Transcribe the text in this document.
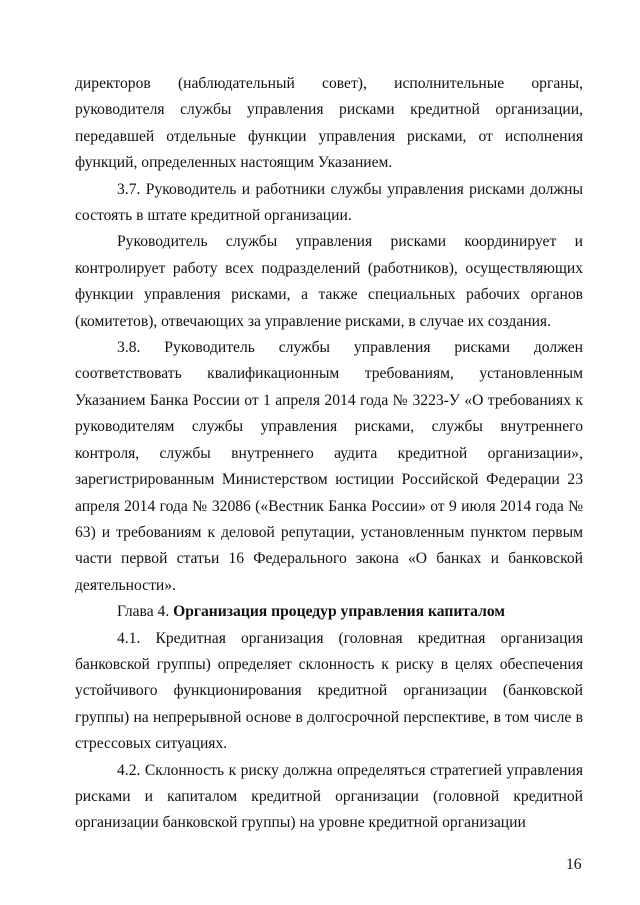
директоров (наблюдательный совет), исполнительные органы, руководителя службы управления рисками кредитной организации, передавшей отдельные функции управления рисками, от исполнения функций, определенных настоящим Указанием.

3.7. Руководитель и работники службы управления рисками должны состоять в штате кредитной организации.

Руководитель службы управления рисками координирует и контролирует работу всех подразделений (работников), осуществляющих функции управления рисками, а также специальных рабочих органов (комитетов), отвечающих за управление рисками, в случае их создания.

3.8. Руководитель службы управления рисками должен соответствовать квалификационным требованиям, установленным Указанием Банка России от 1 апреля 2014 года № 3223-У «О требованиях к руководителям службы управления рисками, службы внутреннего контроля, службы внутреннего аудита кредитной организации», зарегистрированным Министерством юстиции Российской Федерации 23 апреля 2014 года № 32086 («Вестник Банка России» от 9 июля 2014 года № 63) и требованиям к деловой репутации, установленным пунктом первым части первой статьи 16 Федерального закона «О банках и банковской деятельности».

Глава 4. Организация процедур управления капиталом

4.1. Кредитная организация (головная кредитная организация банковской группы) определяет склонность к риску в целях обеспечения устойчивого функционирования кредитной организации (банковской группы) на непрерывной основе в долгосрочной перспективе, в том числе в стрессовых ситуациях.

4.2. Склонность к риску должна определяться стратегией управления рисками и капиталом кредитной организации (головной кредитной организации банковской группы) на уровне кредитной организации

16
